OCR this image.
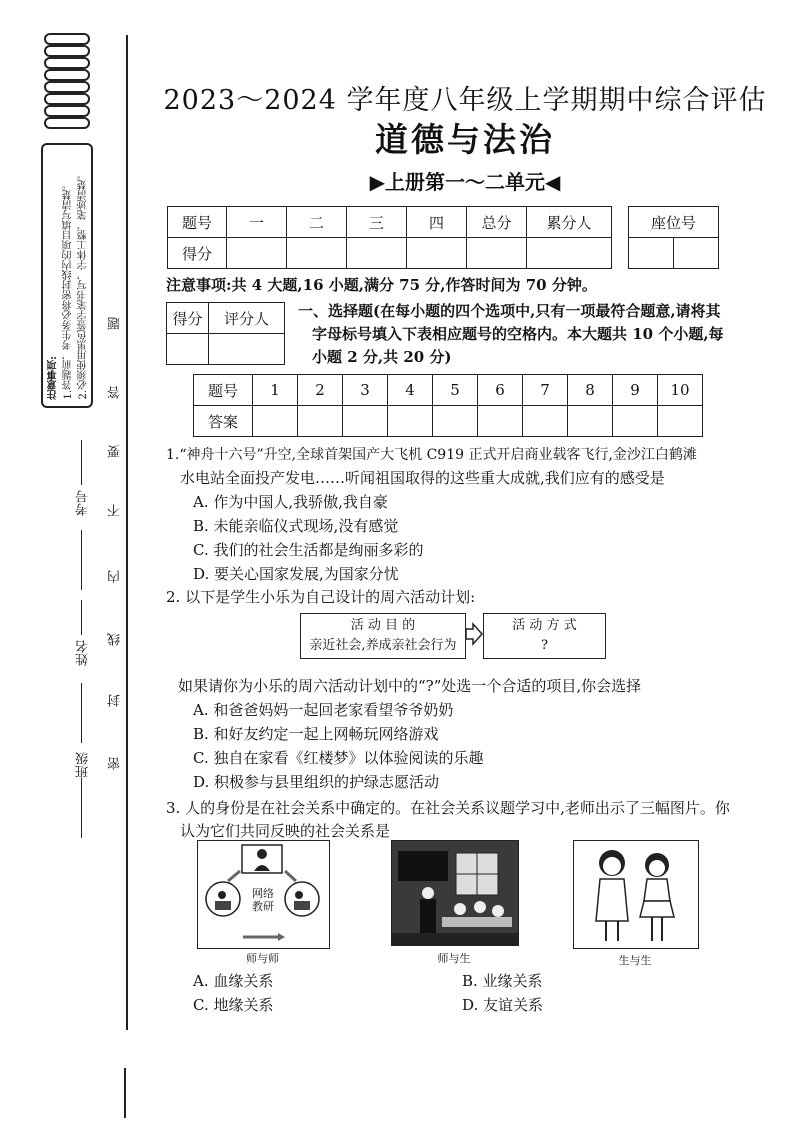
注意事项: 1.答题前，考生务必将密封线内的项目填写清楚。 2.必须使用黑色签字笔书写，字体工整、笔迹清楚。
考号
姓名
班级
题
答
要
不
内
线
封
密
2023～2024 学年度八年级上学期期中综合评估
道德与法治
▶上册第一～二单元◀
题号	一	二	三	四	总分	累分人
得分						
座位号

注意事项:共 4 大题,16 小题,满分 75 分,作答时间为 70 分钟。
得分	评分人
	一、选择题(在每小题的四个选项中,只有一项最符合题意,请将其
字母标号填入下表相应题号的空格内。本大题共 10 个小题,每
小题 2 分,共 20 分)
题号	1	2	3	4	5	6	7	8	9	10
答案										
1.“神舟十六号”升空,全球首架国产大飞机 C919 正式开启商业载客飞行,金沙江白鹤滩
水电站全面投产发电……听闻祖国取得的这些重大成就,我们应有的感受是
A. 作为中国人,我骄傲,我自豪
B. 未能亲临仪式现场,没有感觉
C. 我们的社会生活都是绚丽多彩的
D. 要关心国家发展,为国家分忧
2. 以下是学生小乐为自己设计的周六活动计划:
活 动 目 的
亲近社会,养成亲社会行为
活 动 方 式
?
如果请你为小乐的周六活动计划中的“?”处选一个合适的项目,你会选择
A. 和爸爸妈妈一起回老家看望爷爷奶奶
B. 和好友约定一起上网畅玩网络游戏
C. 独自在家看《红楼梦》以体验阅读的乐趣
D. 积极参与县里组织的护绿志愿活动
3. 人的身份是在社会关系中确定的。在社会关系议题学习中,老师出示了三幅图片。你
认为它们共同反映的社会关系是
网络教研
师与师	师与生	生与生
A. 血缘关系	B. 业缘关系
C. 地缘关系	D. 友谊关系
